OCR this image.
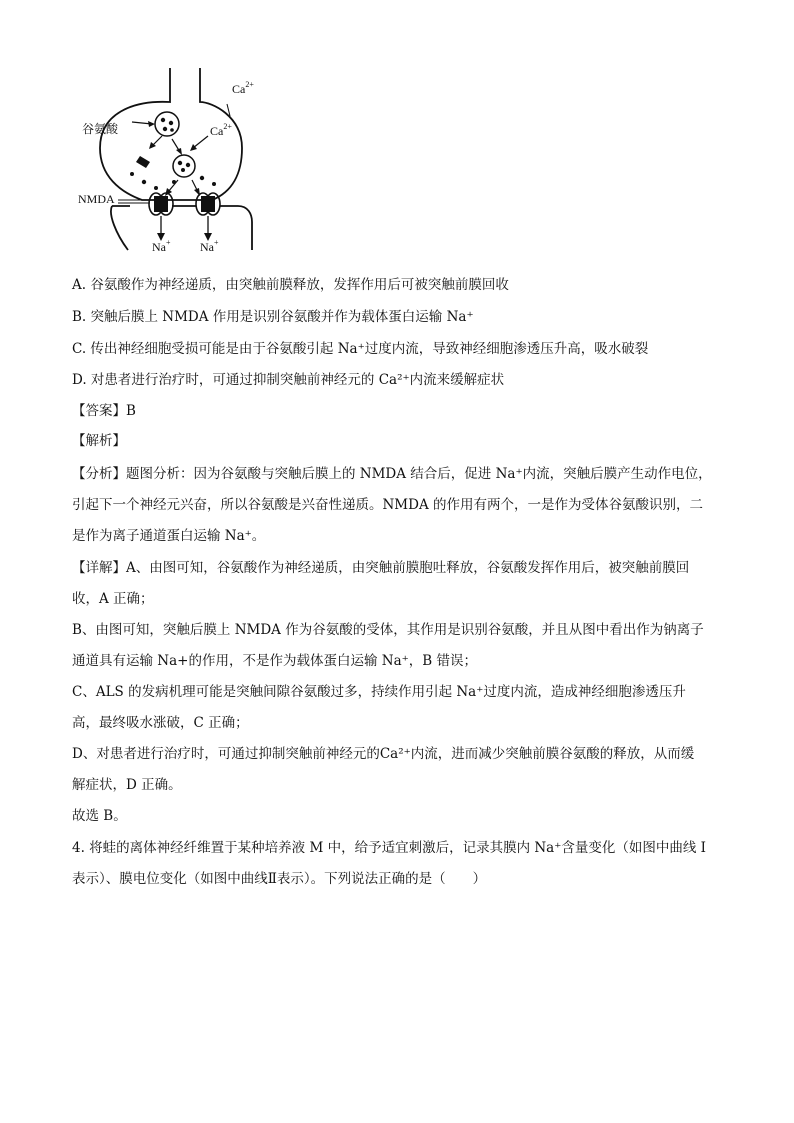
谷氨酸
NMDA
$Ca^{2+}$
$Ca^{2+}$
Na+ Na+
A. 谷氨酸作为神经递质，由突触前膜释放，发挥作用后可被突触前膜回收
B. 突触后膜上 NMDA 作用是识别谷氨酸并作为载体蛋白运输 Na⁺
C. 传出神经细胞受损可能是由于谷氨酸引起 Na⁺过度内流，导致神经细胞渗透压升高，吸水破裂
D. 对患者进行治疗时，可通过抑制突触前神经元的 Ca²⁺内流来缓解症状
【答案】B
【解析】
【分析】题图分析：因为谷氨酸与突触后膜上的 NMDA 结合后，促进 Na⁺内流，突触后膜产生动作电位，
引起下一个神经元兴奋，所以谷氨酸是兴奋性递质。NMDA 的作用有两个，一是作为受体谷氨酸识别，二
是作为离子通道蛋白运输 Na⁺。
【详解】A、由图可知，谷氨酸作为神经递质，由突触前膜胞吐释放，谷氨酸发挥作用后，被突触前膜回
收，A 正确；
B、由图可知，突触后膜上 NMDA 作为谷氨酸的受体，其作用是识别谷氨酸，并且从图中看出作为钠离子
通道具有运输 Na+的作用，不是作为载体蛋白运输 Na⁺，B 错误；
C、ALS 的发病机理可能是突触间隙谷氨酸过多，持续作用引起 Na⁺过度内流，造成神经细胞渗透压升
高，最终吸水涨破，C 正确；
D、对患者进行治疗时，可通过抑制突触前神经元的Ca²⁺内流，进而减少突触前膜谷氨酸的释放，从而缓
解症状，D 正确。
故选 B。
4. 将蛙的离体神经纤维置于某种培养液 M 中，给予适宜刺激后，记录其膜内 Na⁺含量变化（如图中曲线 I
表示）、膜电位变化（如图中曲线Ⅱ表示）。下列说法正确的是（　　）
